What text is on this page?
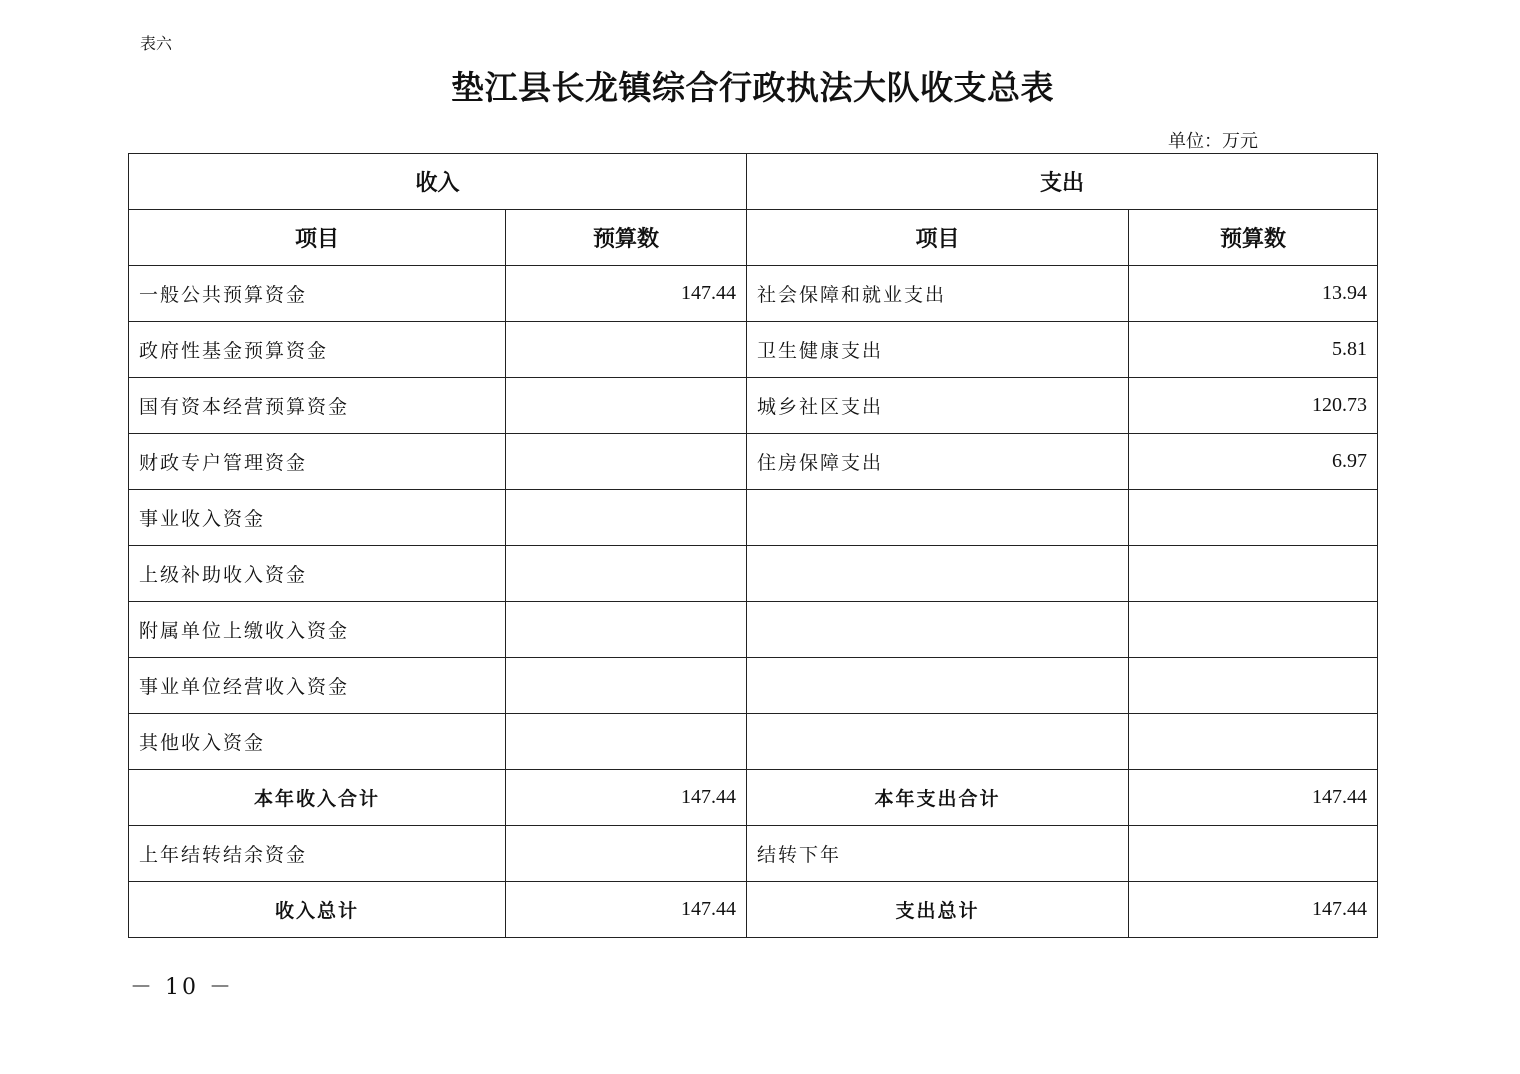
表六
垫江县长龙镇综合行政执法大队收支总表
单位：万元
收入		支出	
项目	预算数	项目	预算数
一般公共预算资金	147.44	社会保障和就业支出	13.94
政府性基金预算资金		卫生健康支出	5.81
国有资本经营预算资金		城乡社区支出	120.73
财政专户管理资金		住房保障支出	6.97
事业收入资金			
上级补助收入资金			
附属单位上缴收入资金			
事业单位经营收入资金			
其他收入资金			
本年收入合计	147.44	本年支出合计	147.44
上年结转结余资金		结转下年	
收入总计	147.44	支出总计	147.44
－ 10 －
